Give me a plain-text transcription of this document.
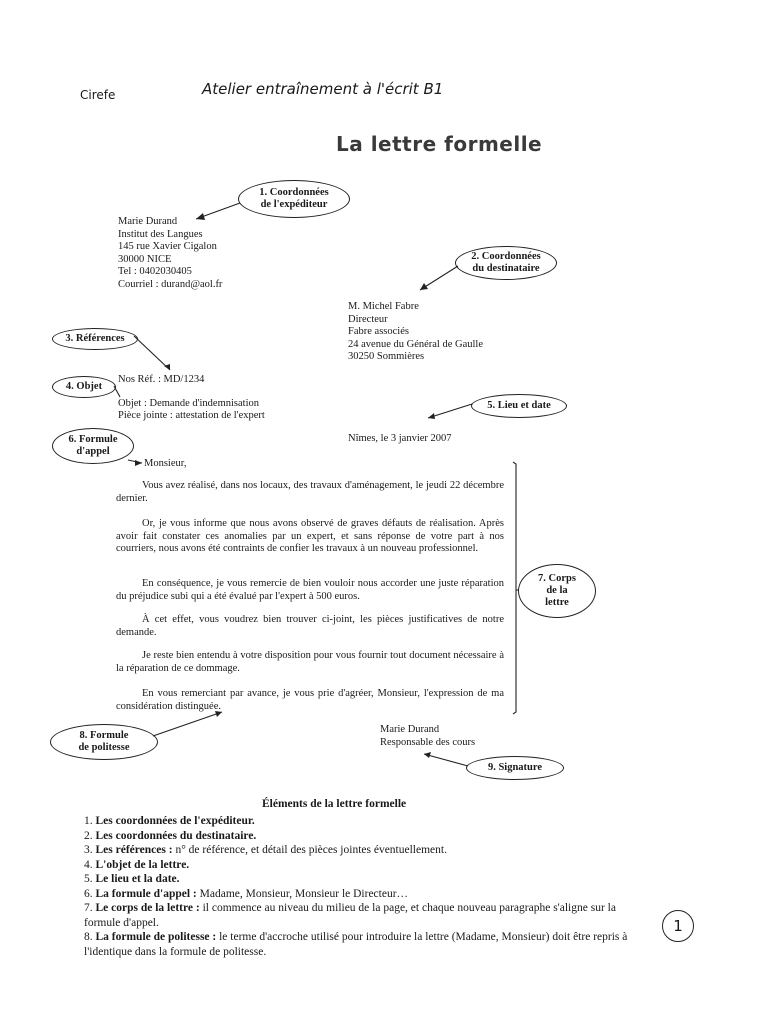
Cirefe	Atelier entraînement à l'écrit B1
La lettre formelle
1. Coordonnées
de l'expéditeur
2. Coordonnées
du destinataire
3. Références
4. Objet
5. Lieu et date
6. Formule
d'appel
7. Corps
de la
lettre
8. Formule
de politesse
9. Signature
Marie Durand
Institut des Langues
145 rue Xavier Cigalon
30000 NICE
Tel : 0402030405
Courriel : durand@aol.fr
M. Michel Fabre
Directeur
Fabre associés
24 avenue du Général de Gaulle
30250 Sommières
Nos Réf. : MD/1234
Objet : Demande d'indemnisation
Pièce jointe : attestation de l'expert
Nîmes, le 3 janvier 2007
Monsieur,
Vous avez réalisé, dans nos locaux, des travaux d'aménagement, le jeudi 22 décembre dernier.
Or, je vous informe que nous avons observé de graves défauts de réalisation. Après avoir fait constater ces anomalies par un expert, et sans réponse de votre part à nos courriers, nous avons été contraints de confier les travaux à un nouveau professionnel.
En conséquence, je vous remercie de bien vouloir nous accorder une juste réparation du préjudice subi qui a été évalué par l'expert à 500 euros.
À cet effet, vous voudrez bien trouver ci-joint, les pièces justificatives de notre demande.
Je reste bien entendu à votre disposition pour vous fournir tout document nécessaire à la réparation de ce dommage.
En vous remerciant par avance, je vous prie d'agréer, Monsieur, l'expression de ma considération distinguée.
Marie Durand
Responsable des cours
Éléments de la lettre formelle
1. Les coordonnées de l'expéditeur.
2. Les coordonnées du destinataire.
3. Les références : n° de référence, et détail des pièces jointes éventuellement.
4. L'objet de la lettre.
5. Le lieu et la date.
6. La formule d'appel : Madame, Monsieur, Monsieur le Directeur…
7. Le corps de la lettre : il commence au niveau du milieu de la page, et chaque nouveau paragraphe s'aligne sur la formule d'appel.
8. La formule de politesse : le terme d'accroche utilisé pour introduire la lettre (Madame, Monsieur) doit être repris à l'identique dans la formule de politesse.
1
